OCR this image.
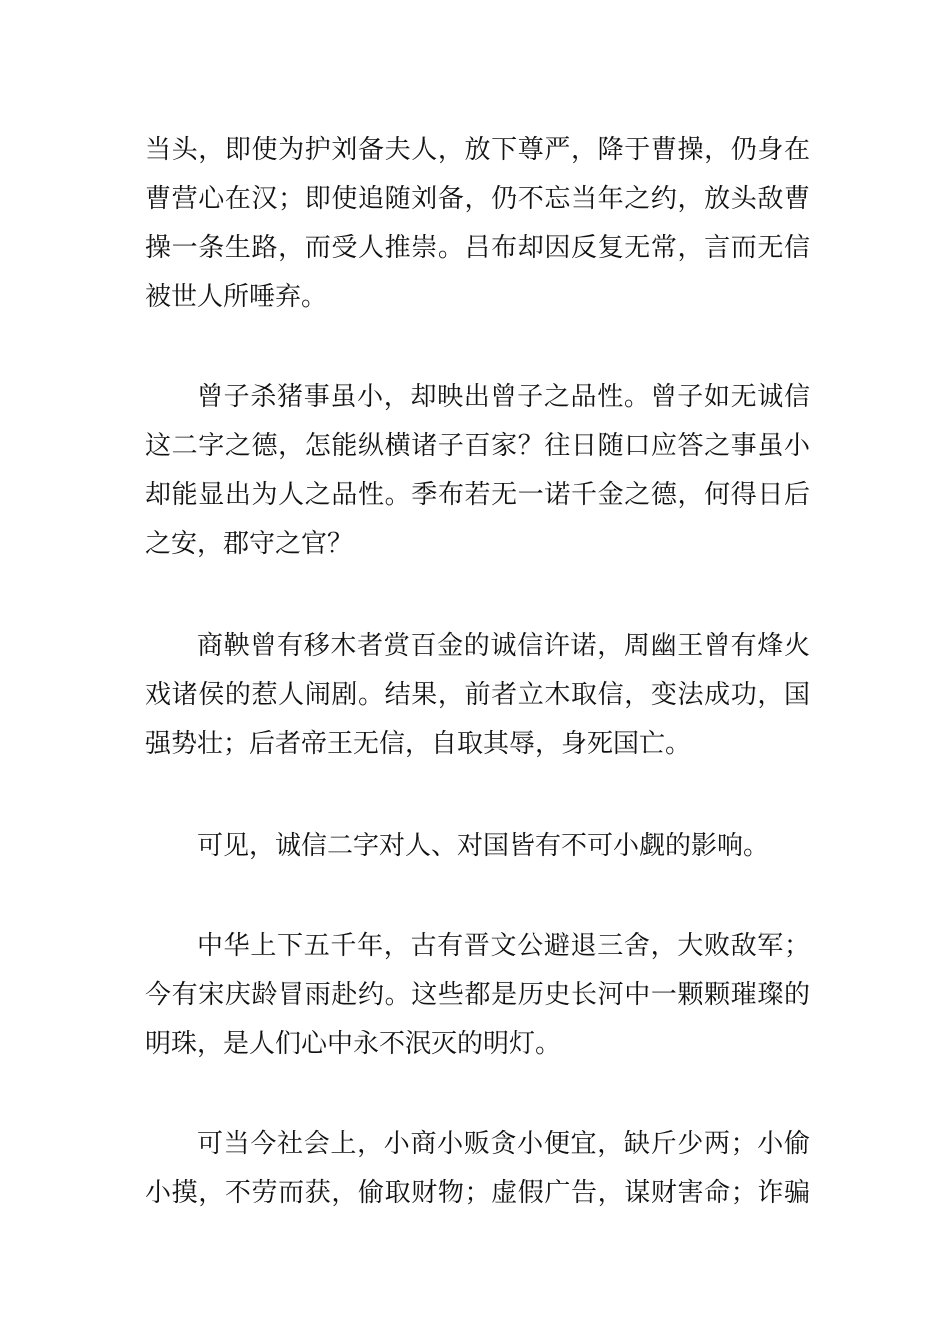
当头，即使为护刘备夫人，放下尊严，降于曹操，仍身在
曹营心在汉；即使追随刘备，仍不忘当年之约，放头敌曹
操一条生路，而受人推崇。吕布却因反复无常，言而无信
被世人所唾弃。
曾子杀猪事虽小，却映出曾子之品性。曾子如无诚信
这二字之德，怎能纵横诸子百家？往日随口应答之事虽小
却能显出为人之品性。季布若无一诺千金之德，何得日后
之安，郡守之官？
商鞅曾有移木者赏百金的诚信许诺，周幽王曾有烽火
戏诸侯的惹人闹剧。结果，前者立木取信，变法成功，国
强势壮；后者帝王无信，自取其辱，身死国亡。
可见，诚信二字对人、对国皆有不可小觑的影响。
中华上下五千年，古有晋文公避退三舍，大败敌军；
今有宋庆龄冒雨赴约。这些都是历史长河中一颗颗璀璨的
明珠，是人们心中永不泯灭的明灯。
可当今社会上，小商小贩贪小便宜，缺斤少两；小偷
小摸，不劳而获，偷取财物；虚假广告，谋财害命；诈骗
